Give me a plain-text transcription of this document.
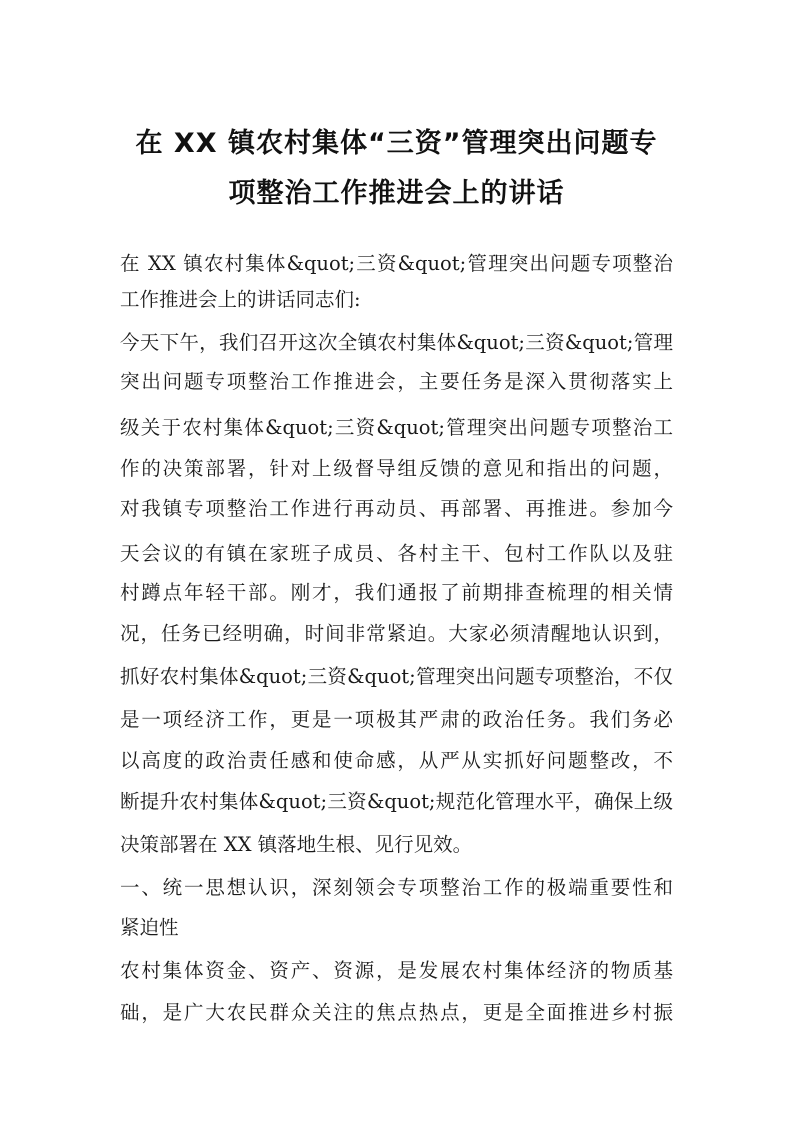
在 XX 镇农村集体“三资”管理突出问题专
项整治工作推进会上的讲话
在 XX 镇农村集体&quot;三资&quot;管理突出问题专项整治
工作推进会上的讲话同志们:
今天下午，我们召开这次全镇农村集体&quot;三资&quot;管理
突出问题专项整治工作推进会，主要任务是深入贯彻落实上
级关于农村集体&quot;三资&quot;管理突出问题专项整治工
作的决策部署，针对上级督导组反馈的意见和指出的问题，
对我镇专项整治工作进行再动员、再部署、再推进。参加今
天会议的有镇在家班子成员、各村主干、包村工作队以及驻
村蹲点年轻干部。刚才，我们通报了前期排查梳理的相关情
况，任务已经明确，时间非常紧迫。大家必须清醒地认识到，
抓好农村集体&quot;三资&quot;管理突出问题专项整治，不仅
是一项经济工作，更是一项极其严肃的政治任务。我们务必
以高度的政治责任感和使命感，从严从实抓好问题整改，不
断提升农村集体&quot;三资&quot;规范化管理水平，确保上级
决策部署在 XX 镇落地生根、见行见效。
一、统一思想认识，深刻领会专项整治工作的极端重要性和
紧迫性
农村集体资金、资产、资源，是发展农村集体经济的物质基
础，是广大农民群众关注的焦点热点，更是全面推进乡村振
